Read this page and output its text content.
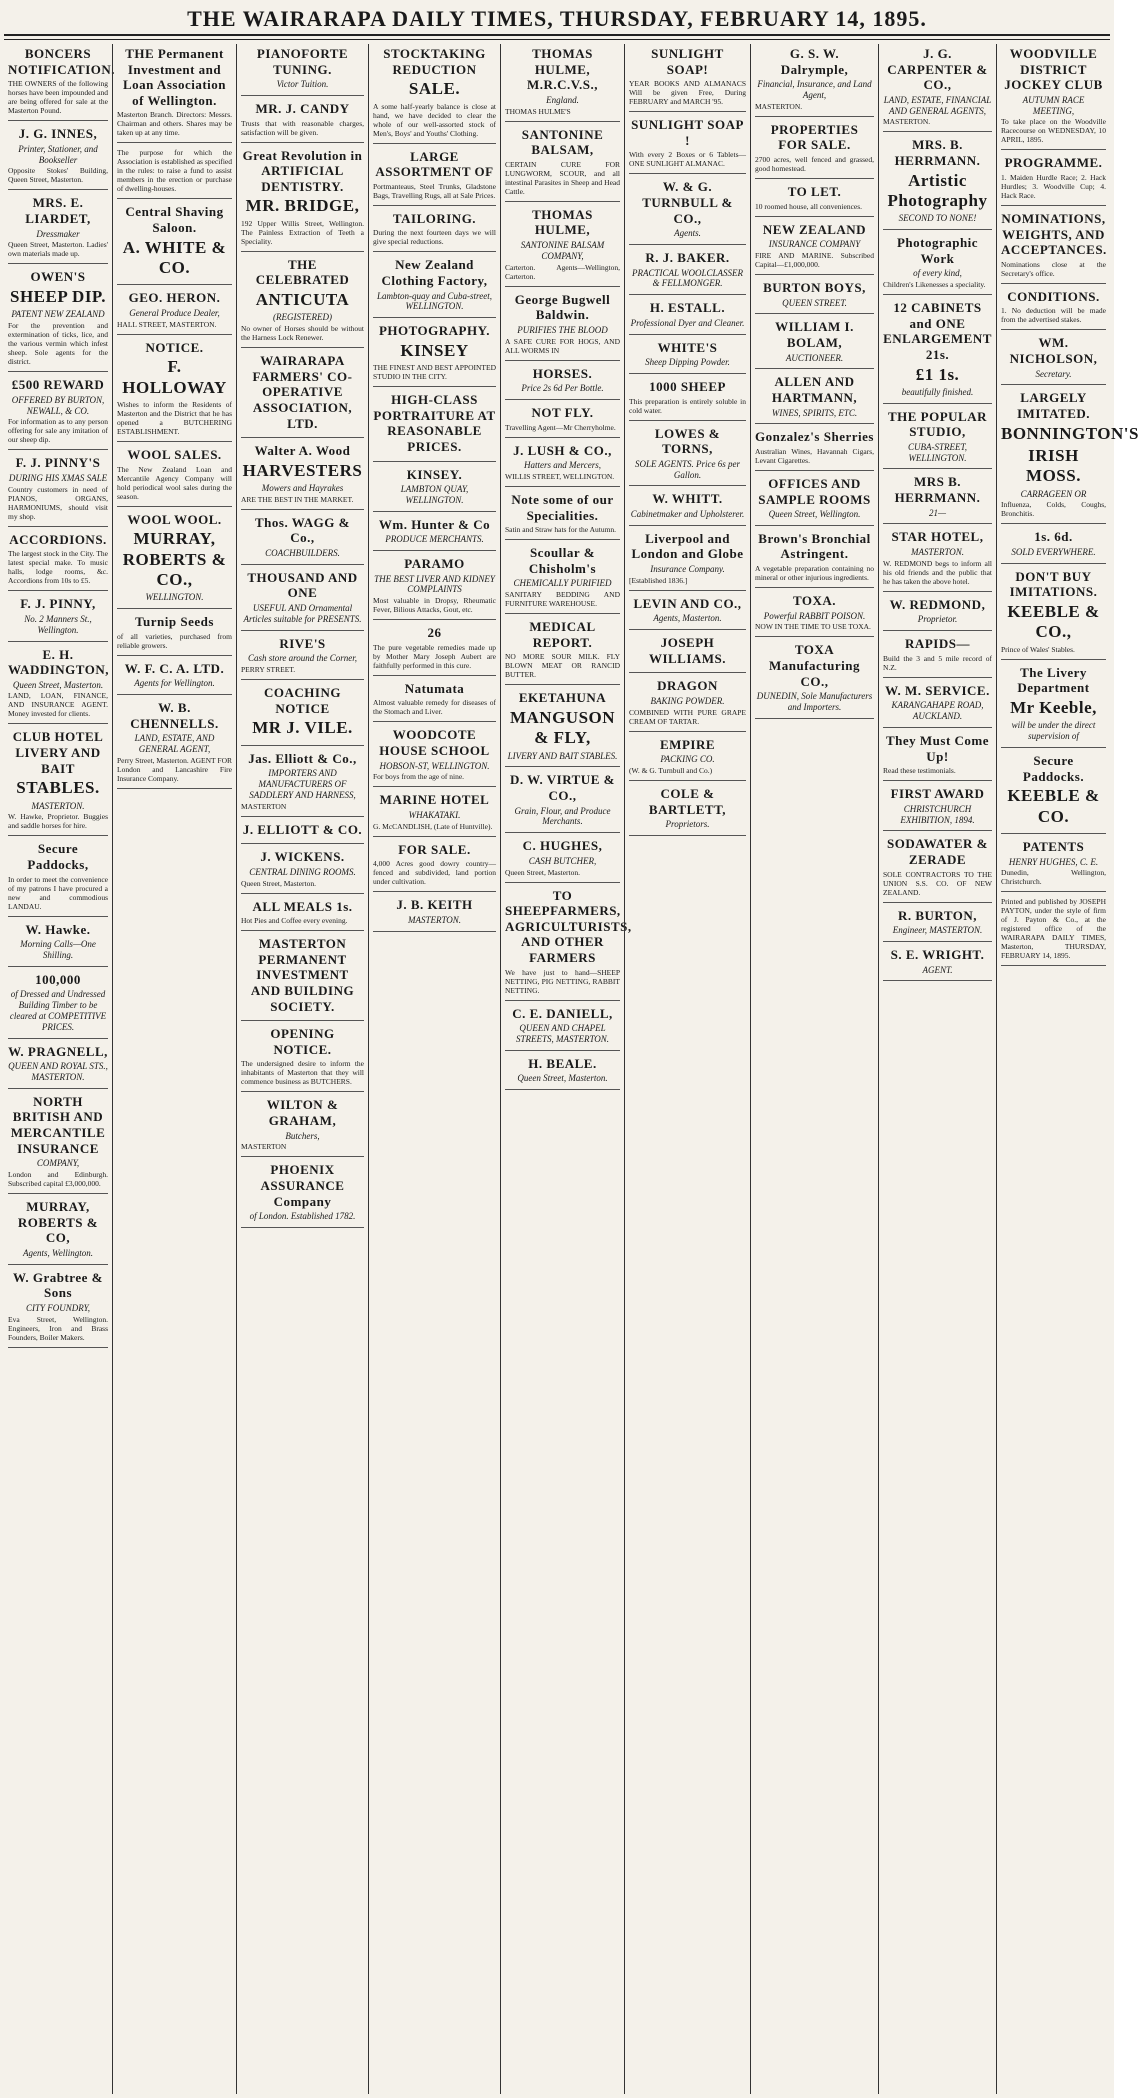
THE WAIRARAPA DAILY TIMES, THURSDAY, FEBRUARY 14, 1895.
BONCERS NOTIFICATION.
THE OWNERS of the following horses have been impounded and are being offered for sale at the Masterton Pound.
J. G. INNES,
Printer, Stationer, and Bookseller
Opposite Stokes' Building, Queen Street, Masterton.
MRS. E. LIARDET,
Dressmaker
Queen Street, Masterton. Ladies' own materials made up.
OWEN'S
SHEEP DIP.
PATENT NEW ZEALAND
For the prevention and extermination of ticks, lice, and the various vermin which infest sheep. Sole agents for the district.
£500 REWARD
OFFERED BY BURTON, NEWALL, & CO.
For information as to any person offering for sale any imitation of our sheep dip.
F. J. PINNY'S
DURING HIS XMAS SALE
Country customers in need of PIANOS, ORGANS, HARMONIUMS, should visit my shop.
ACCORDIONS.
The largest stock in the City. The latest special make. To music halls, lodge rooms, &c. Accordions from 10s to £5.
F. J. PINNY,
No. 2 Manners St., Wellington.
E. H. WADDINGTON,
Queen Street, Masterton.
LAND, LOAN, FINANCE, AND INSURANCE AGENT. Money invested for clients.
CLUB HOTEL LIVERY AND BAIT
STABLES.
MASTERTON.
W. Hawke, Proprietor. Buggies and saddle horses for hire.
Secure Paddocks,
In order to meet the convenience of my patrons I have procured a new and commodious LANDAU.
W. Hawke.
Morning Calls—One Shilling.
100,000
of Dressed and Undressed Building Timber to be cleared at COMPETITIVE PRICES.
W. PRAGNELL,
QUEEN AND ROYAL STS., MASTERTON.
NORTH BRITISH AND MERCANTILE INSURANCE
COMPANY,
London and Edinburgh. Subscribed capital £3,000,000.
MURRAY, ROBERTS & CO,
Agents, Wellington.
W. Grabtree & Sons
CITY FOUNDRY,
Eva Street, Wellington. Engineers, Iron and Brass Founders, Boiler Makers.
THE Permanent Investment and Loan Association of Wellington.
Masterton Branch. Directors: Messrs. Chairman and others. Shares may be taken up at any time.
The purpose for which the Association is established as specified in the rules: to raise a fund to assist members in the erection or purchase of dwelling-houses.
Central Shaving Saloon.
A. WHITE & CO.
GEO. HERON.
General Produce Dealer,
HALL STREET, MASTERTON.
NOTICE.
F. HOLLOWAY
Wishes to inform the Residents of Masterton and the District that he has opened a BUTCHERING ESTABLISHMENT.
WOOL SALES.
The New Zealand Loan and Mercantile Agency Company will hold periodical wool sales during the season.
WOOL WOOL.
MURRAY, ROBERTS & CO.,
WELLINGTON.
Turnip Seeds
of all varieties, purchased from reliable growers.
W. F. C. A. LTD.
Agents for Wellington.
W. B. CHENNELLS.
LAND, ESTATE, AND GENERAL AGENT,
Perry Street, Masterton. AGENT FOR London and Lancashire Fire Insurance Company.
PIANOFORTE TUNING.
Victor Tuition.
MR. J. CANDY
Trusts that with reasonable charges, satisfaction will be given.
Great Revolution in ARTIFICIAL DENTISTRY.
MR. BRIDGE,
192 Upper Willis Street, Wellington. The Painless Extraction of Teeth a Speciality.
THE CELEBRATED
ANTICUTA
(REGISTERED)
No owner of Horses should be without the Harness Lock Renewer.
WAIRARAPA FARMERS' CO-OPERATIVE ASSOCIATION, LTD.
Walter A. Wood
HARVESTERS
Mowers and Hayrakes
ARE THE BEST IN THE MARKET.
Thos. WAGG & Co.,
COACHBUILDERS.
THOUSAND AND ONE
USEFUL AND Ornamental Articles suitable for PRESENTS.
RIVE'S
Cash store around the Corner,
PERRY STREET.
COACHING NOTICE
MR J. VILE.
Jas. Elliott & Co.,
IMPORTERS AND MANUFACTURERS OF SADDLERY AND HARNESS,
MASTERTON
J. ELLIOTT & CO.
J. WICKENS.
CENTRAL DINING ROOMS.
Queen Street, Masterton.
ALL MEALS 1s.
Hot Pies and Coffee every evening.
MASTERTON PERMANENT INVESTMENT AND BUILDING SOCIETY.
OPENING NOTICE.
The undersigned desire to inform the inhabitants of Masterton that they will commence business as BUTCHERS.
WILTON & GRAHAM,
Butchers,
MASTERTON
PHOENIX ASSURANCE Company
of London. Established 1782.
STOCKTAKING REDUCTION
SALE.
A some half-yearly balance is close at hand, we have decided to clear the whole of our well-assorted stock of Men's, Boys' and Youths' Clothing.
LARGE ASSORTMENT OF
Portmanteaus, Steel Trunks, Gladstone Bags, Travelling Rugs, all at Sale Prices.
TAILORING.
During the next fourteen days we will give special reductions.
New Zealand Clothing Factory,
Lambton-quay and Cuba-street, WELLINGTON.
PHOTOGRAPHY.
KINSEY
THE FINEST AND BEST APPOINTED STUDIO IN THE CITY.
HIGH-CLASS PORTRAITURE AT REASONABLE PRICES.
KINSEY.
LAMBTON QUAY, WELLINGTON.
Wm. Hunter & Co
PRODUCE MERCHANTS.
PARAMO
THE BEST LIVER AND KIDNEY COMPLAINTS
Most valuable in Dropsy, Rheumatic Fever, Bilious Attacks, Gout, etc.
26
The pure vegetable remedies made up by Mother Mary Joseph Aubert are faithfully performed in this cure.
Natumata
Almost valuable remedy for diseases of the Stomach and Liver.
WOODCOTE HOUSE SCHOOL
HOBSON-ST, WELLINGTON.
For boys from the age of nine.
MARINE HOTEL
WHAKATAKI.
G. McCANDLISH, (Late of Huntville).
FOR SALE.
4,000 Acres good dowry country—fenced and subdivided, land portion under cultivation.
J. B. KEITH
MASTERTON.
THOMAS HULME, M.R.C.V.S.,
England.
THOMAS HULME'S
SANTONINE BALSAM,
CERTAIN CURE FOR LUNGWORM, SCOUR, and all intestinal Parasites in Sheep and Head Cattle.
THOMAS HULME,
SANTONINE BALSAM COMPANY,
Carterton. Agents—Wellington, Carterton.
George Bugwell Baldwin.
PURIFIES THE BLOOD
A SAFE CURE FOR HOGS, AND ALL WORMS IN
HORSES.
Price 2s 6d Per Bottle.
NOT FLY.
Travelling Agent—Mr Cherryholme.
J. LUSH & CO.,
Hatters and Mercers,
WILLIS STREET, WELLINGTON.
Note some of our Specialities.
Satin and Straw hats for the Autumn.
Scoullar & Chisholm's
CHEMICALLY PURIFIED
SANITARY BEDDING AND FURNITURE WAREHOUSE.
MEDICAL REPORT.
NO MORE SOUR MILK. FLY BLOWN MEAT OR RANCID BUTTER.
EKETAHUNA
MANGUSON & FLY,
LIVERY AND BAIT STABLES.
D. W. VIRTUE & CO.,
Grain, Flour, and Produce Merchants.
C. HUGHES,
CASH BUTCHER,
Queen Street, Masterton.
TO SHEEPFARMERS, AGRICULTURISTS, AND OTHER FARMERS
We have just to hand—SHEEP NETTING, PIG NETTING, RABBIT NETTING.
C. E. DANIELL,
QUEEN AND CHAPEL STREETS, MASTERTON.
H. BEALE.
Queen Street, Masterton.
SUNLIGHT SOAP!
YEAR BOOKS AND ALMANACS Will be given Free, During FEBRUARY and MARCH '95.
SUNLIGHT SOAP !
With every 2 Boxes or 6 Tablets—ONE SUNLIGHT ALMANAC.
W. & G. TURNBULL & CO.,
Agents.
R. J. BAKER.
PRACTICAL WOOLCLASSER & FELLMONGER.
H. ESTALL.
Professional Dyer and Cleaner.
WHITE'S
Sheep Dipping Powder.
1000 SHEEP
This preparation is entirely soluble in cold water.
LOWES & TORNS,
SOLE AGENTS. Price 6s per Gallon.
W. WHITT.
Cabinetmaker and Upholsterer.
Liverpool and London and Globe
Insurance Company.
[Established 1836.]
LEVIN AND CO.,
Agents, Masterton.
JOSEPH WILLIAMS.
DRAGON
BAKING POWDER.
COMBINED WITH PURE GRAPE CREAM OF TARTAR.
EMPIRE
PACKING CO.
(W. & G. Turnbull and Co.)
COLE & BARTLETT,
Proprietors.
G. S. W. Dalrymple,
Financial, Insurance, and Land Agent,
MASTERTON.
PROPERTIES FOR SALE.
2700 acres, well fenced and grassed, good homestead.
TO LET.
10 roomed house, all conveniences.
NEW ZEALAND
INSURANCE COMPANY
FIRE AND MARINE. Subscribed Capital—£1,000,000.
BURTON BOYS,
QUEEN STREET.
WILLIAM I. BOLAM,
AUCTIONEER.
ALLEN AND HARTMANN,
WINES, SPIRITS, ETC.
Gonzalez's Sherries
Australian Wines, Havannah Cigars, Levant Cigarettes.
OFFICES AND SAMPLE ROOMS
Queen Street, Wellington.
Brown's Bronchial Astringent.
A vegetable preparation containing no mineral or other injurious ingredients.
TOXA.
Powerful RABBIT POISON.
NOW IN THE TIME TO USE TOXA.
TOXA Manufacturing CO.,
DUNEDIN, Sole Manufacturers and Importers.
J. G. CARPENTER & CO.,
LAND, ESTATE, FINANCIAL AND GENERAL AGENTS,
MASTERTON.
MRS. B. HERRMANN.
Artistic Photography
SECOND TO NONE!
Photographic Work
of every kind,
Children's Likenesses a speciality.
12 CABINETS and ONE ENLARGEMENT 21s.
£1 1s.
beautifully finished.
THE POPULAR STUDIO,
CUBA-STREET, WELLINGTON.
MRS B. HERRMANN.
21—
STAR HOTEL,
MASTERTON.
W. REDMOND begs to inform all his old friends and the public that he has taken the above hotel.
W. REDMOND,
Proprietor.
RAPIDS—
Build the 3 and 5 mile record of N.Z.
W. M. SERVICE.
KARANGAHAPE ROAD, AUCKLAND.
They Must Come Up!
Read these testimonials.
FIRST AWARD
CHRISTCHURCH EXHIBITION, 1894.
SODAWATER & ZERADE
SOLE CONTRACTORS TO THE UNION S.S. CO. OF NEW ZEALAND.
R. BURTON,
Engineer, MASTERTON.
S. E. WRIGHT.
AGENT.
WOODVILLE DISTRICT JOCKEY CLUB
AUTUMN RACE MEETING,
To take place on the Woodville Racecourse on WEDNESDAY, 10 APRIL, 1895.
PROGRAMME.
1. Maiden Hurdle Race; 2. Hack Hurdles; 3. Woodville Cup; 4. Hack Race.
NOMINATIONS, WEIGHTS, AND ACCEPTANCES.
Nominations close at the Secretary's office.
CONDITIONS.
1. No deduction will be made from the advertised stakes.
WM. NICHOLSON,
Secretary.
LARGELY IMITATED.
BONNINGTON'S
IRISH MOSS.
CARRAGEEN OR
Influenza, Colds, Coughs, Bronchitis.
1s. 6d.
SOLD EVERYWHERE.
DON'T BUY IMITATIONS.
KEEBLE & CO.,
Prince of Wales' Stables.
The Livery Department
Mr Keeble,
will be under the direct supervision of
Secure Paddocks.
KEEBLE & CO.
PATENTS
HENRY HUGHES, C. E.
Dunedin, Wellington, Christchurch.
Printed and published by JOSEPH PAYTON, under the style of firm of J. Payton & Co., at the registered office of the WAIRARAPA DAILY TIMES, Masterton, THURSDAY, FEBRUARY 14, 1895.
